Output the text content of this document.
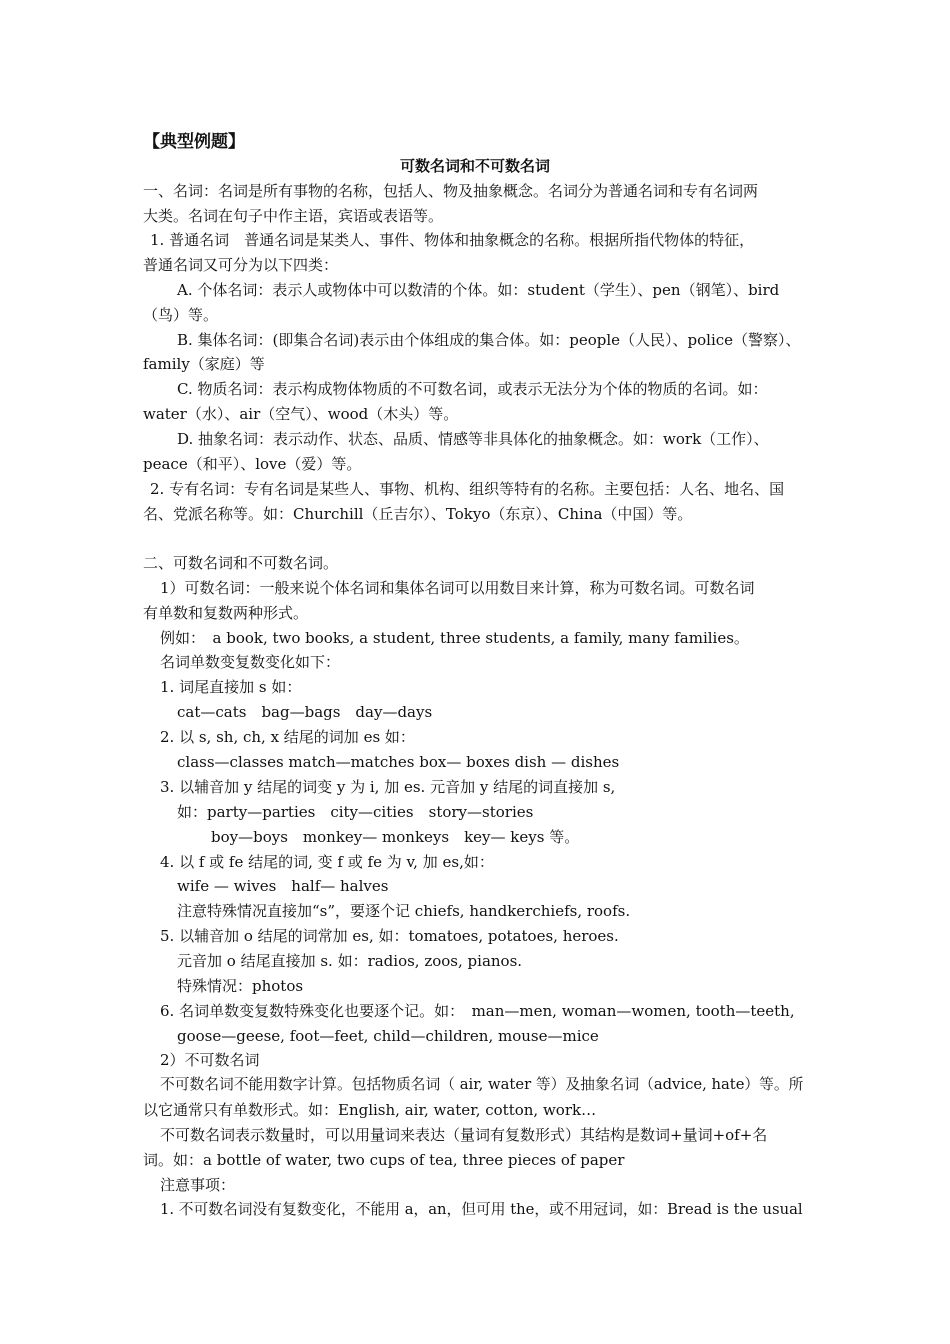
【典型例题】
可数名词和不可数名词
一、名词：名词是所有事物的名称，包括人、物及抽象概念。名词分为普通名词和专有名词两
大类。名词在句子中作主语，宾语或表语等。
1. 普通名词　普通名词是某类人、事件、物体和抽象概念的名称。根据所指代物体的特征，
普通名词又可分为以下四类：
A. 个体名词：表示人或物体中可以数清的个体。如：student（学生）、pen（钢笔）、bird
（鸟）等。
B. 集体名词：(即集合名词)表示由个体组成的集合体。如：people（人民）、police（警察）、
family（家庭）等
C. 物质名词：表示构成物体物质的不可数名词，或表示无法分为个体的物质的名词。如：
water（水）、air（空气）、wood（木头）等。
D. 抽象名词：表示动作、状态、品质、情感等非具体化的抽象概念。如：work（工作）、
peace（和平）、love（爱）等。
2. 专有名词：专有名词是某些人、事物、机构、组织等特有的名称。主要包括：人名、地名、国
名、党派名称等。如：Churchill（丘吉尔）、Tokyo（东京）、China（中国）等。
二、可数名词和不可数名词。
1）可数名词：一般来说个体名词和集体名词可以用数目来计算，称为可数名词。可数名词
有单数和复数两种形式。
例如：　a book, two books, a student, three students, a family, many families。
名词单数变复数变化如下：
1. 词尾直接加 s 如：
cat—cats　bag—bags　day—days
2. 以 s, sh, ch, x 结尾的词加 es 如：
class—classes match—matches box— boxes dish — dishes
3. 以辅音加 y 结尾的词变 y 为 i, 加 es. 元音加 y 结尾的词直接加 s,
如：party—parties　city—cities　story—stories
boy—boys　monkey— monkeys　key— keys 等。
4. 以 f 或 fe 结尾的词, 变 f 或 fe 为 v, 加 es,如：
wife — wives　half— halves
注意特殊情况直接加“s”，要逐个记 chiefs, handkerchiefs, roofs.
5. 以辅音加 o 结尾的词常加 es, 如：tomatoes, potatoes, heroes.
元音加 o 结尾直接加 s. 如：radios, zoos, pianos.
特殊情况：photos
6. 名词单数变复数特殊变化也要逐个记。如：　man—men, woman—women, tooth—teeth,
goose—geese, foot—feet, child—children, mouse—mice
2）不可数名词
不可数名词不能用数字计算。包括物质名词（ air, water 等）及抽象名词（advice, hate）等。所
以它通常只有单数形式。如：English, air, water, cotton, work…
不可数名词表示数量时，可以用量词来表达（量词有复数形式）其结构是数词+量词+of+名
词。如：a bottle of water, two cups of tea, three pieces of paper
注意事项：
1. 不可数名词没有复数变化，不能用 a，an，但可用 the，或不用冠词，如：Bread is the usual
